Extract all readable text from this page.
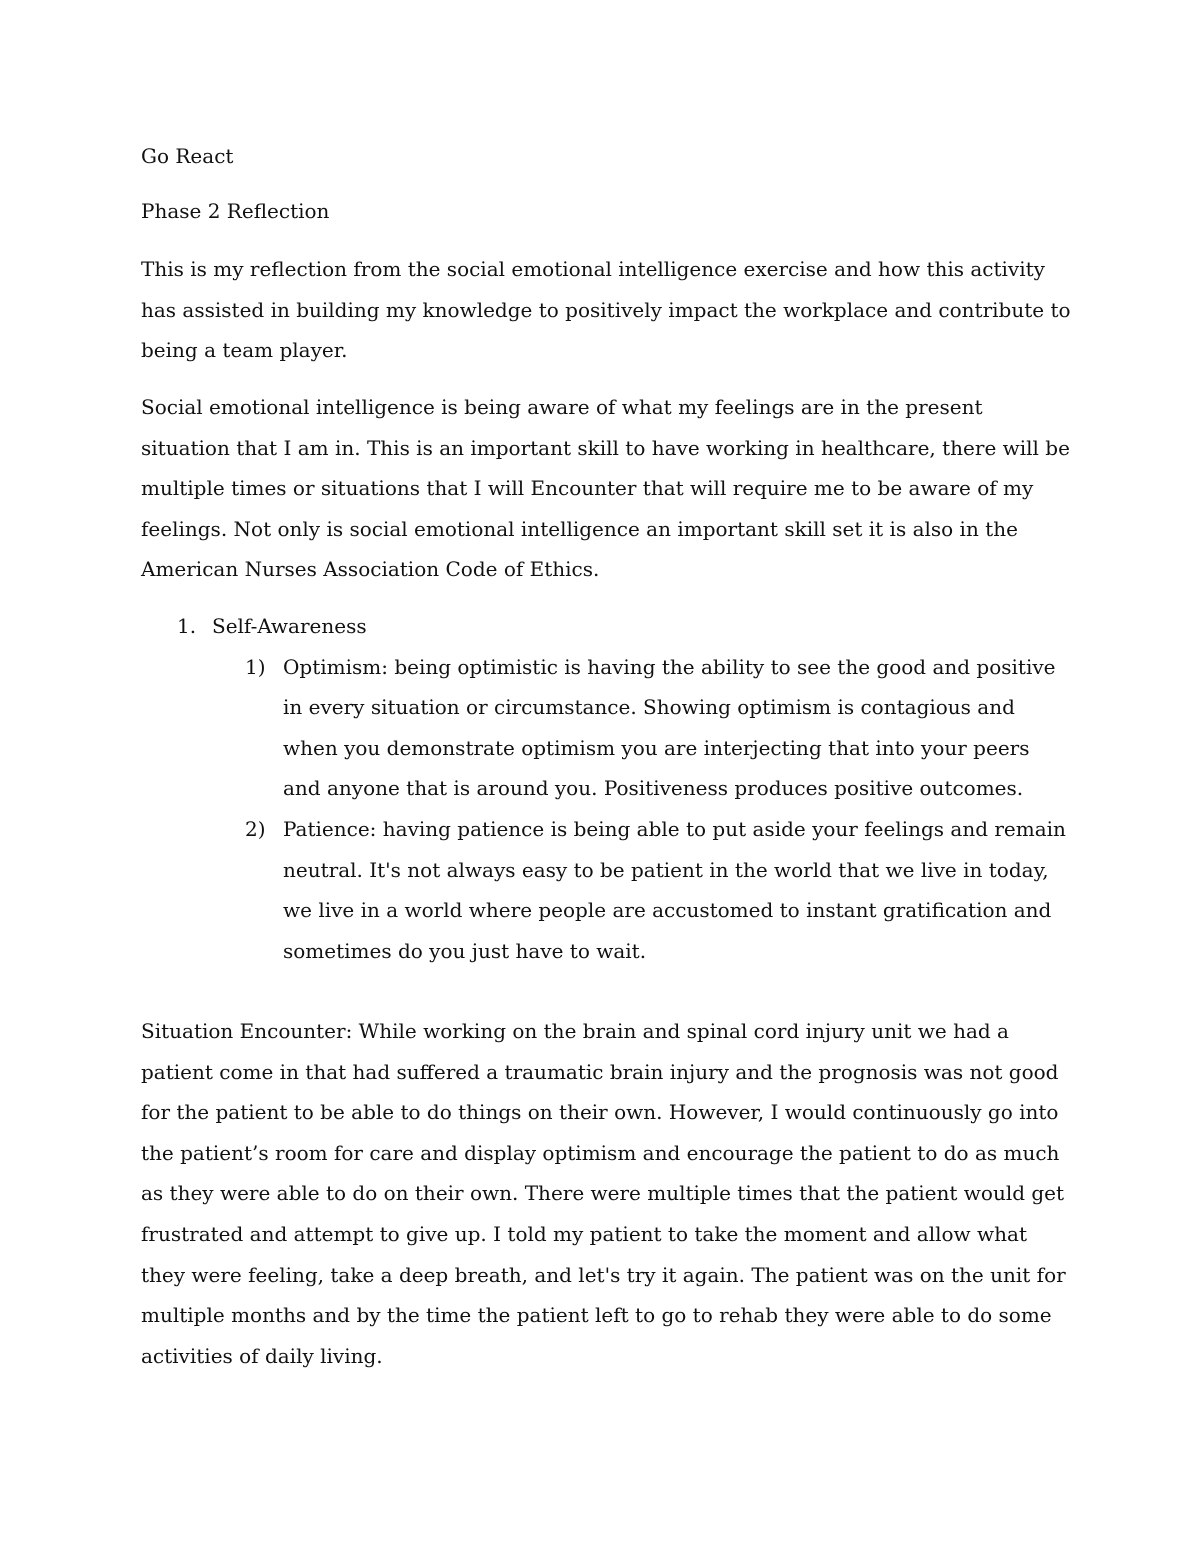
Go React

Phase 2 Reflection

This is my reflection from the social emotional intelligence exercise and how this activity has assisted in building my knowledge to positively impact the workplace and contribute to being a team player.

Social emotional intelligence is being aware of what my feelings are in the present situation that I am in. This is an important skill to have working in healthcare, there will be multiple times or situations that I will Encounter that will require me to be aware of my feelings. Not only is social emotional intelligence an important skill set it is also in the American Nurses Association Code of Ethics.

1. Self-Awareness
1) Optimism: being optimistic is having the ability to see the good and positive in every situation or circumstance. Showing optimism is contagious and when you demonstrate optimism you are interjecting that into your peers and anyone that is around you. Positiveness produces positive outcomes.
2) Patience: having patience is being able to put aside your feelings and remain neutral. It's not always easy to be patient in the world that we live in today, we live in a world where people are accustomed to instant gratification and sometimes do you just have to wait.

Situation Encounter: While working on the brain and spinal cord injury unit we had a patient come in that had suffered a traumatic brain injury and the prognosis was not good for the patient to be able to do things on their own. However, I would continuously go into the patient’s room for care and display optimism and encourage the patient to do as much as they were able to do on their own. There were multiple times that the patient would get frustrated and attempt to give up. I told my patient to take the moment and allow what they were feeling, take a deep breath, and let's try it again. The patient was on the unit for multiple months and by the time the patient left to go to rehab they were able to do some activities of daily living.
